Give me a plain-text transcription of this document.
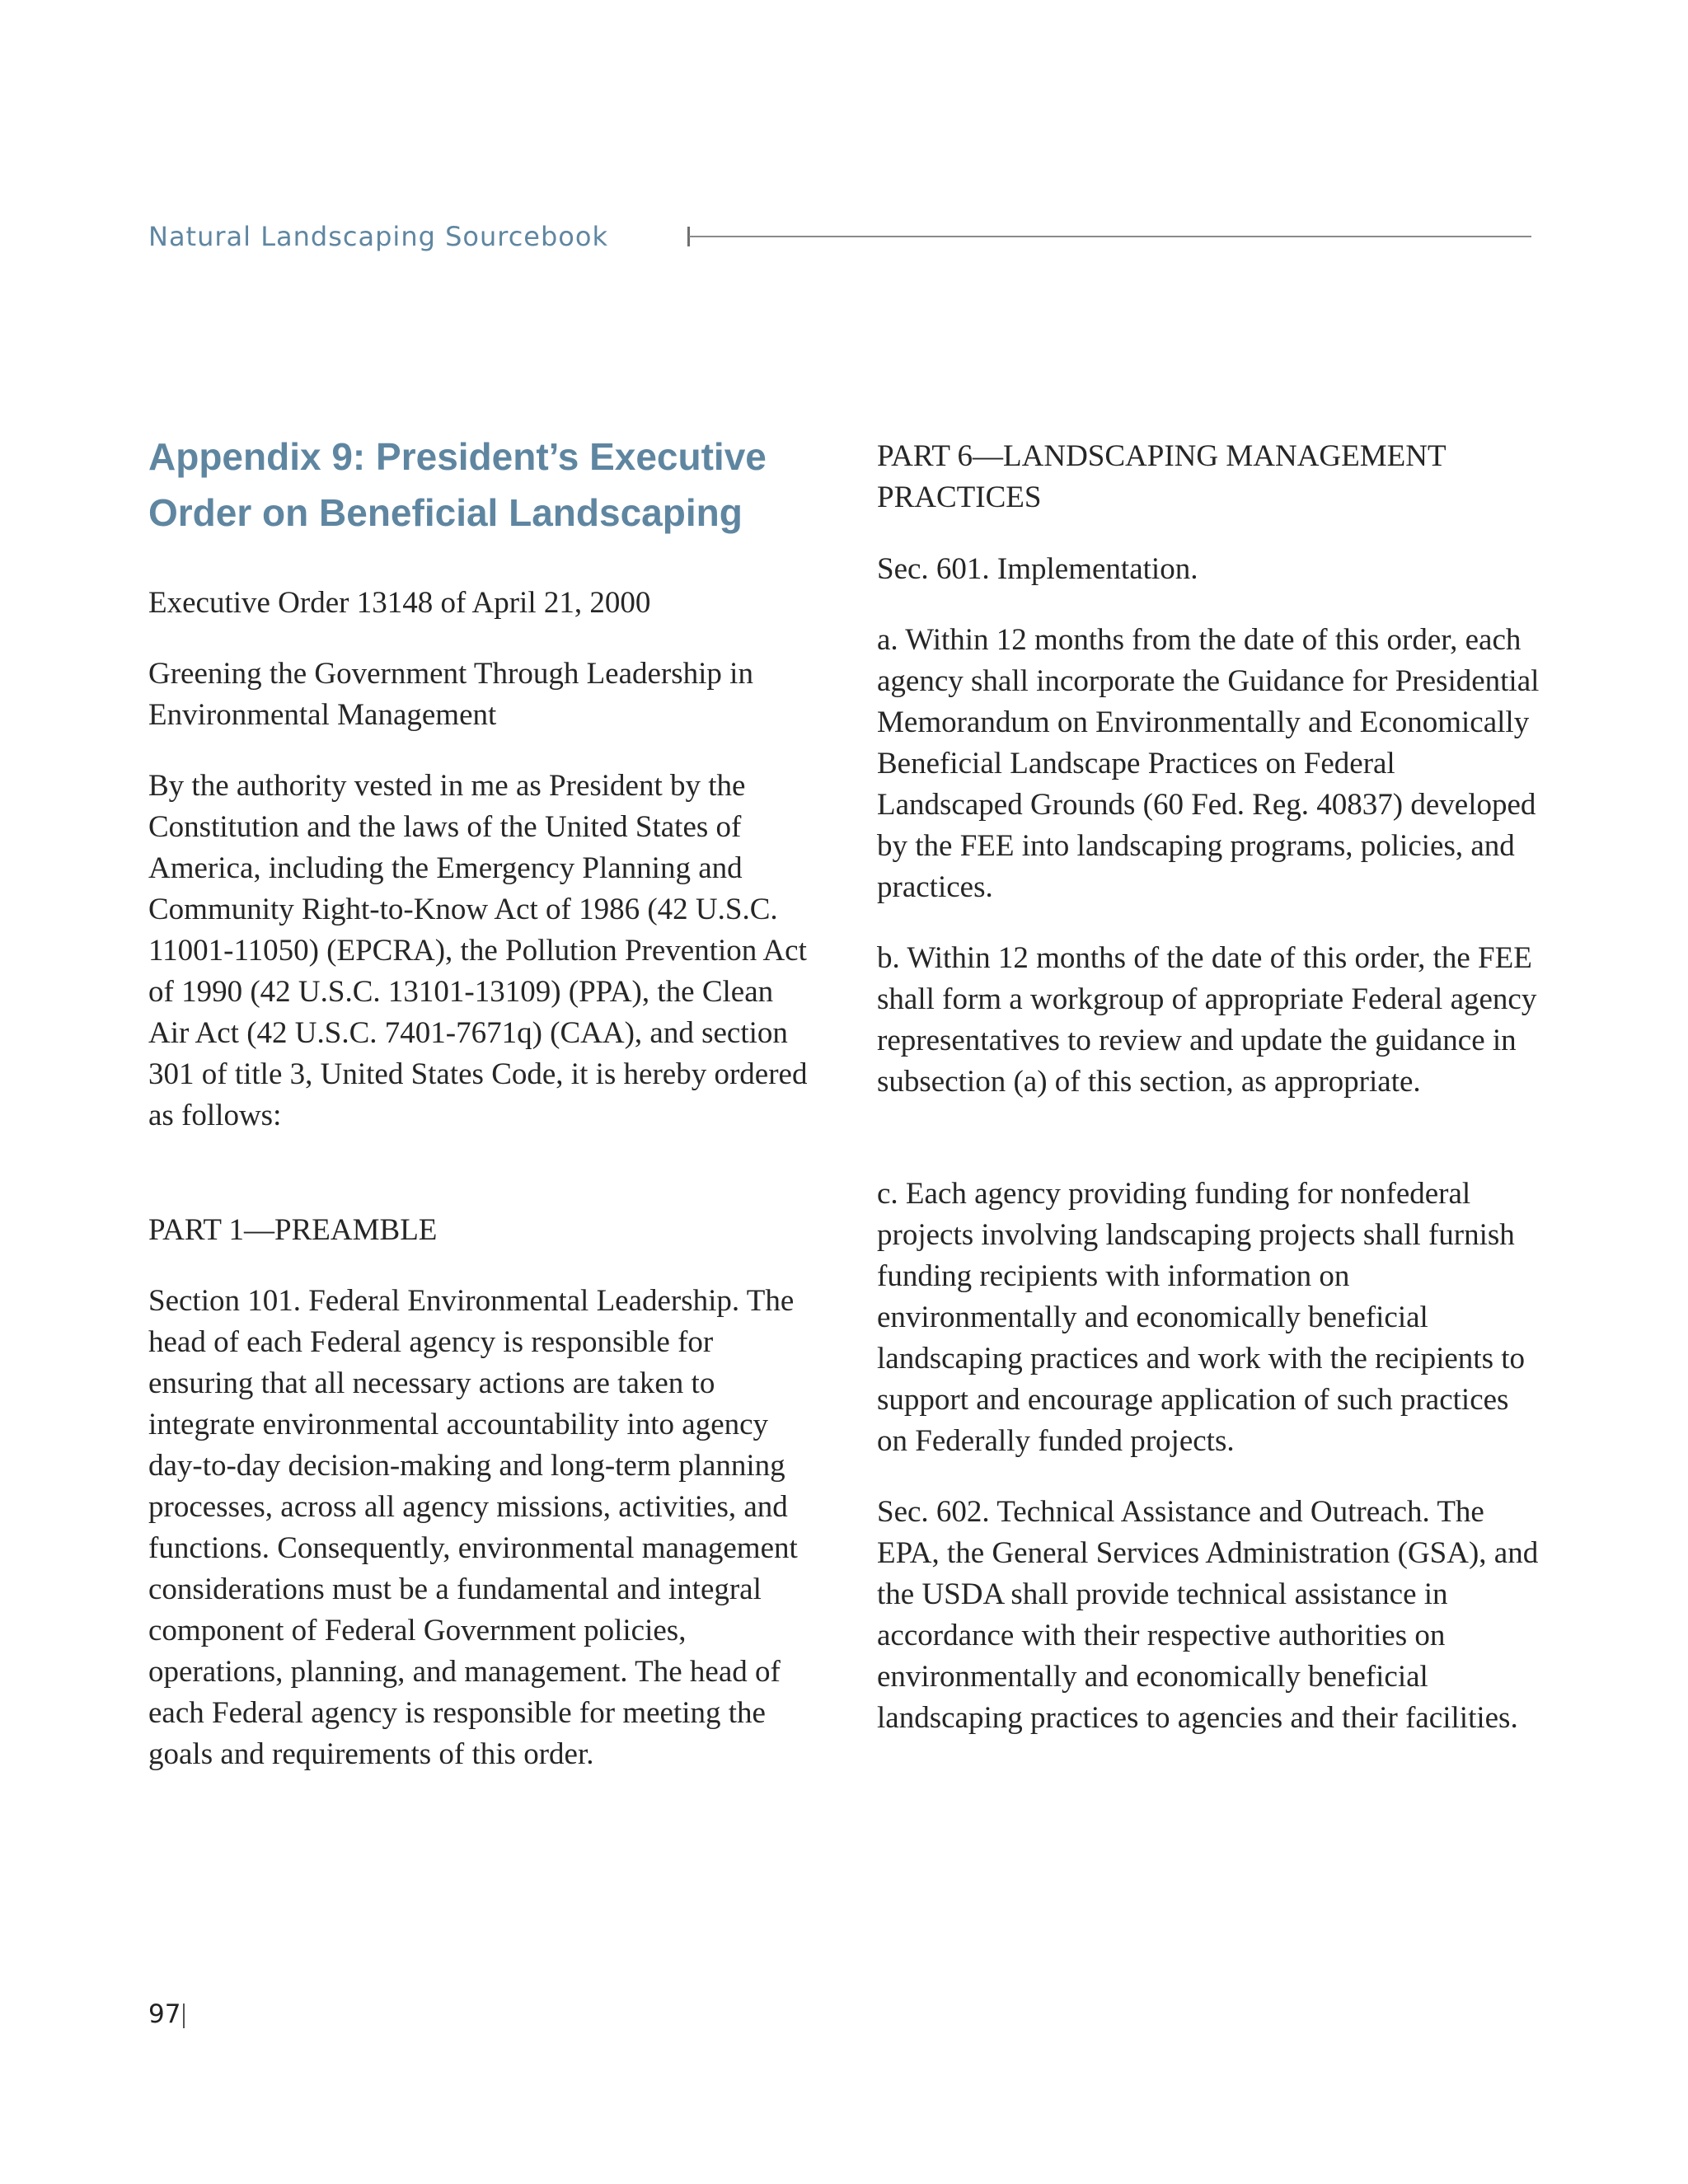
Natural Landscaping Sourcebook
Appendix 9: President’s Executive
Order on Beneficial Landscaping

Executive Order 13148 of April 21, 2000

Greening the Government Through Leadership in Environmental Management

By the authority vested in me as President by the Constitution and the laws of the United States of America, including the Emergency Planning and Community Right-to-Know Act of 1986 (42 U.S.C. 11001-11050) (EPCRA), the Pollution Prevention Act of 1990 (42 U.S.C. 13101-13109) (PPA), the Clean Air Act (42 U.S.C. 7401-7671q) (CAA), and section 301 of title 3, United States Code, it is hereby ordered as follows:

PART 1—PREAMBLE

Section 101. Federal Environmental Leadership. The head of each Federal agency is responsible for ensuring that all necessary actions are taken to integrate environmental accountability into agency day-to-day decision-making and long-term planning processes, across all agency missions, activities, and functions. Consequently, environmental management considerations must be a fundamental and integral component of Federal Government policies, operations, planning, and management. The head of each Federal agency is responsible for meeting the goals and requirements of this order.

PART 6—LANDSCAPING MANAGEMENT PRACTICES

Sec. 601. Implementation.

a. Within 12 months from the date of this order, each agency shall incorporate the Guidance for Presidential Memorandum on Environmentally and Economically Beneficial Landscape Practices on Federal Landscaped Grounds (60 Fed. Reg. 40837) developed by the FEE into landscaping programs, policies, and practices.

b. Within 12 months of the date of this order, the FEE shall form a workgroup of appropriate Federal agency representatives to review and update the guidance in subsection (a) of this section, as appropriate.

c. Each agency providing funding for nonfederal projects involving landscaping projects shall furnish funding recipients with information on environmentally and economically beneficial landscaping practices and work with the recipients to support and encourage application of such practices on Federally funded projects.

Sec. 602. Technical Assistance and Outreach. The EPA, the General Services Administration (GSA), and the USDA shall provide technical assistance in accordance with their respective authorities on environmentally and economically beneficial landscaping practices to agencies and their facilities.

97
